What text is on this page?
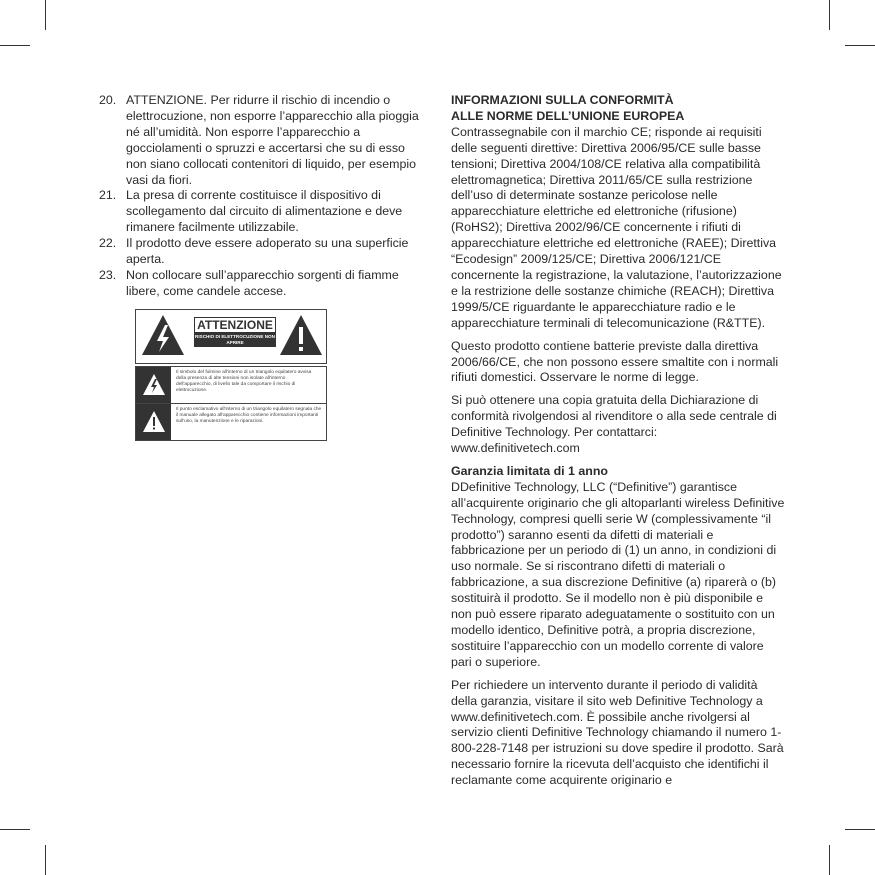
20. ATTENZIONE. Per ridurre il rischio di incendio o elettrocuzione, non esporre l’apparecchio alla pioggia né all’umidità. Non esporre l’apparecchio a gocciolamenti o spruzzi e accertarsi che su di esso non siano collocati contenitori di liquido, per esempio vasi da fiori.
21. La presa di corrente costituisce il dispositivo di scollegamento dal circuito di alimentazione e deve rimanere facilmente utilizzabile.
22. Il prodotto deve essere adoperato su una superficie aperta.
23. Non collocare sull’apparecchio sorgenti di fiamme libere, come candele accese.
ATTENZIONE
RISCHIO DI ELETTROCUZIONE NON APRIRE
Il simbolo del fulmine all'interno di un triangolo equilatero avvisa della presenza di alte tensioni non isolate all'interno dell'apparecchio, di livello tale da comportare il rischio di elettrocuzione.
Il punto esclamativo all'interno di un triangolo equilatero segnala che il manuale allegato all'apparecchio contiene informazioni importanti sull'uso, la manutenzione e le riparazioni.
INFORMAZIONI SULLA CONFORMITÀ
ALLE NORME DELL’UNIONE EUROPEA

Contrassegnabile con il marchio CE; risponde ai requisiti delle seguenti direttive: Direttiva 2006/95/CE sulle basse tensioni; Direttiva 2004/108/CE relativa alla compatibilità elettromagnetica; Direttiva 2011/65/CE sulla restrizione dell’uso di determinate sostanze pericolose nelle apparecchiature elettriche ed elettroniche (rifusione) (RoHS2); Direttiva 2002/96/CE concernente i rifiuti di apparecchiature elettriche ed elettroniche (RAEE); Direttiva “Ecodesign” 2009/125/CE; Direttiva 2006/121/CE concernente la registrazione, la valutazione, l’autorizzazione e la restrizione delle sostanze chimiche (REACH); Direttiva 1999/5/CE riguardante le apparecchiature radio e le apparecchiature terminali di telecomunicazione (R&TTE).

Questo prodotto contiene batterie previste dalla direttiva 2006/66/CE, che non possono essere smaltite con i normali rifiuti domestici. Osservare le norme di legge.

Si può ottenere una copia gratuita della Dichiarazione di conformità rivolgendosi al rivenditore o alla sede centrale di Definitive Technology. Per contattarci: www.definitivetech.com

Garanzia limitata di 1 anno

DDefinitive Technology, LLC (“Definitive”) garantisce all’acquirente originario che gli altoparlanti wireless Definitive Technology, compresi quelli serie W (complessivamente “il prodotto”) saranno esenti da difetti di materiali e fabbricazione per un periodo di (1) un anno, in condizioni di uso normale. Se si riscontrano difetti di materiali o fabbricazione, a sua discrezione Definitive (a) riparerà o (b) sostituirà il prodotto. Se il modello non è più disponibile e non può essere riparato adeguatamente o sostituito con un modello identico, Definitive potrà, a propria discrezione, sostituire l’apparecchio con un modello corrente di valore pari o superiore.

Per richiedere un intervento durante il periodo di validità della garanzia, visitare il sito web Definitive Technology a www.definitivetech.com. È possibile anche rivolgersi al servizio clienti Definitive Technology chiamando il numero 1-800-228-7148 per istruzioni su dove spedire il prodotto. Sarà necessario fornire la ricevuta dell’acquisto che identifichi il reclamante come acquirente originario e
